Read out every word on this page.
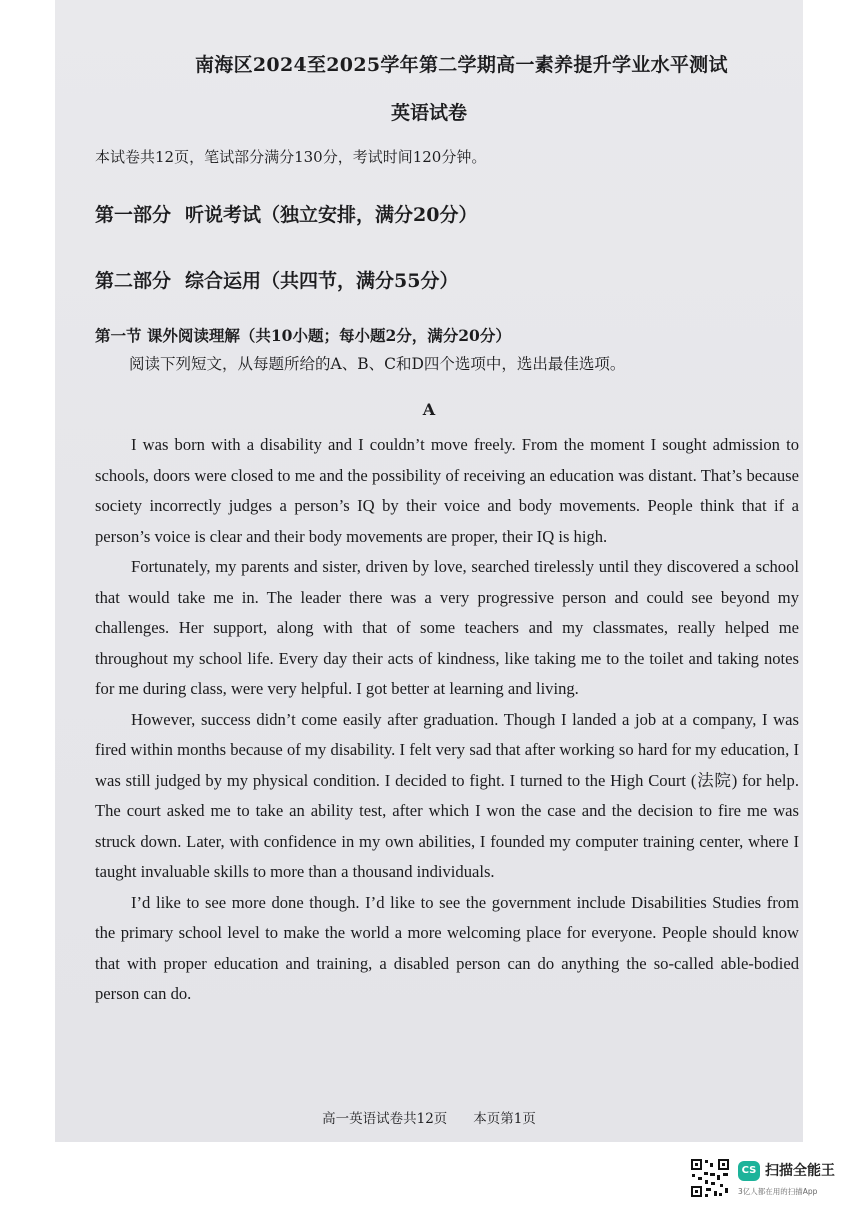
南海区2024至2025学年第二学期高一素养提升学业水平测试
英语试卷
本试卷共12页，笔试部分满分130分，考试时间120分钟。
第一部分 听说考试（独立安排，满分20分）
第二部分 综合运用（共四节，满分55分）
第一节 课外阅读理解（共10小题；每小题2分，满分20分）
阅读下列短文，从每题所给的A、B、C和D四个选项中，选出最佳选项。
A

I was born with a disability and I couldn’t move freely. From the moment I sought admission to schools, doors were closed to me and the possibility of receiving an education was distant. That’s because society incorrectly judges a person’s IQ by their voice and body movements. People think that if a person’s voice is clear and their body movements are proper, their IQ is high.

Fortunately, my parents and sister, driven by love, searched tirelessly until they discovered a school that would take me in. The leader there was a very progressive person and could see beyond my challenges. Her support, along with that of some teachers and my classmates, really helped me throughout my school life. Every day their acts of kindness, like taking me to the toilet and taking notes for me during class, were very helpful. I got better at learning and living.

However, success didn’t come easily after graduation. Though I landed a job at a company, I was fired within months because of my disability. I felt very sad that after working so hard for my education, I was still judged by my physical condition. I decided to fight. I turned to the High Court (法院) for help. The court asked me to take an ability test, after which I won the case and the decision to fire me was struck down. Later, with confidence in my own abilities, I founded my computer training center, where I taught invaluable skills to more than a thousand individuals.

I’d like to see more done though. I’d like to see the government include Disabilities Studies from the primary school level to make the world a more welcoming place for everyone. People should know that with proper education and training, a disabled person can do anything the so-called able-bodied person can do.

高一英语试卷共12页 本页第1页
CS 扫描全能王
3亿人都在用的扫描App
